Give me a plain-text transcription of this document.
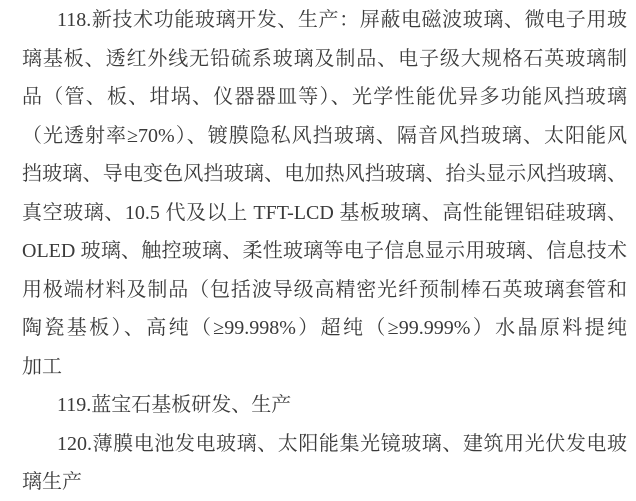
118.新技术功能玻璃开发、生产：屏蔽电磁波玻璃、微电子用玻
璃基板、透红外线无铅硫系玻璃及制品、电子级大规格石英玻璃制
品（管、板、坩埚、仪器器皿等）、光学性能优异多功能风挡玻璃
（光透射率≥70%）、镀膜隐私风挡玻璃、隔音风挡玻璃、太阳能风
挡玻璃、导电变色风挡玻璃、电加热风挡玻璃、抬头显示风挡玻璃、
真空玻璃、10.5 代及以上 TFT-LCD 基板玻璃、高性能锂铝硅玻璃、
OLED 玻璃、触控玻璃、柔性玻璃等电子信息显示用玻璃、信息技术
用极端材料及制品（包括波导级高精密光纤预制棒石英玻璃套管和
陶瓷基板）、高纯（≥99.998%）超纯（≥99.999%）水晶原料提纯
加工
119.蓝宝石基板研发、生产
120.薄膜电池发电玻璃、太阳能集光镜玻璃、建筑用光伏发电玻
璃生产
